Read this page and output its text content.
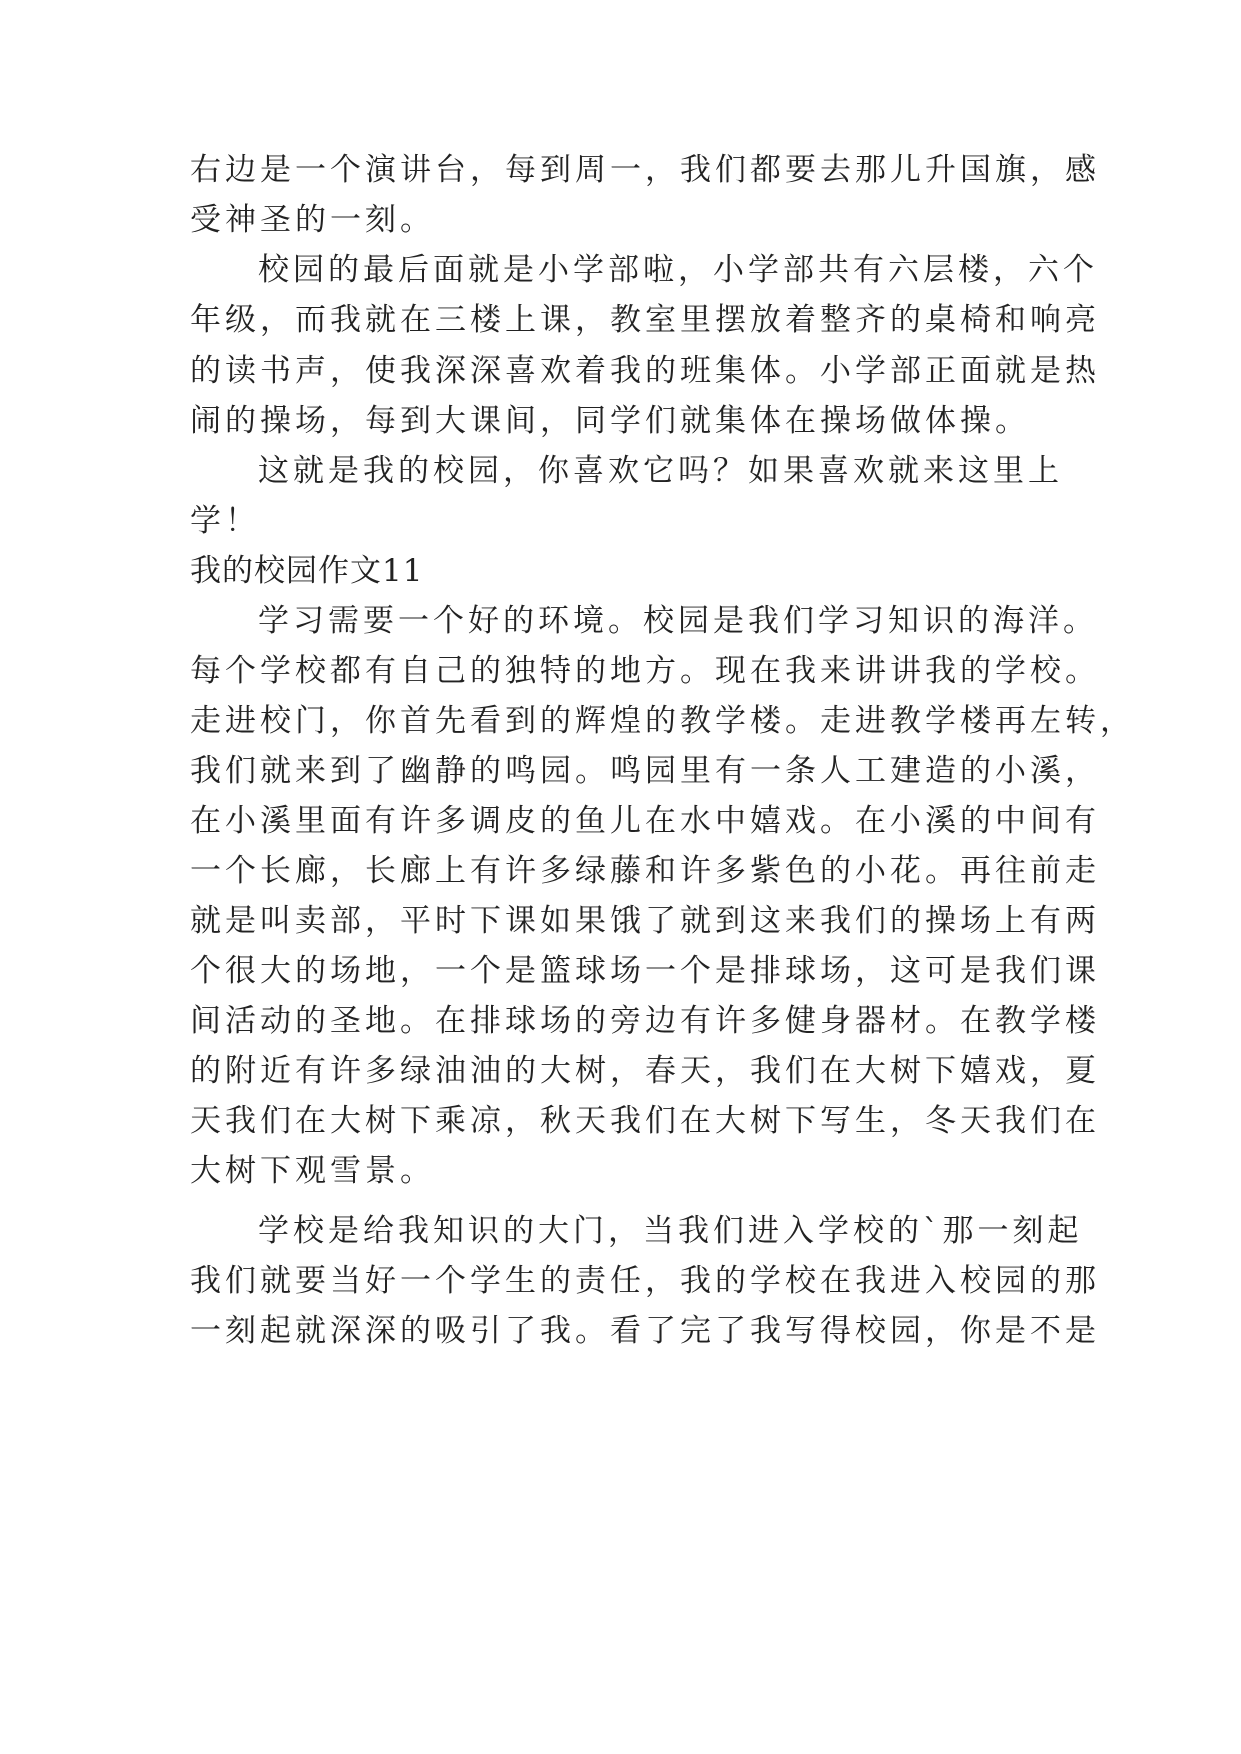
右边是一个演讲台，每到周一，我们都要去那儿升国旗，感

受神圣的一刻。

校园的最后面就是小学部啦，小学部共有六层楼，六个

年级，而我就在三楼上课，教室里摆放着整齐的桌椅和响亮

的读书声，使我深深喜欢着我的班集体。小学部正面就是热

闹的操场，每到大课间，同学们就集体在操场做体操。

这就是我的校园，你喜欢它吗？如果喜欢就来这里上

学！

我的校园作文11

学习需要一个好的环境。校园是我们学习知识的海洋。

每个学校都有自己的独特的地方。现在我来讲讲我的学校。

走进校门，你首先看到的辉煌的教学楼。走进教学楼再左转，

我们就来到了幽静的鸣园。鸣园里有一条人工建造的小溪，

在小溪里面有许多调皮的鱼儿在水中嬉戏。在小溪的中间有

一个长廊，长廊上有许多绿藤和许多紫色的小花。再往前走

就是叫卖部，平时下课如果饿了就到这来我们的操场上有两

个很大的场地，一个是篮球场一个是排球场，这可是我们课

间活动的圣地。在排球场的旁边有许多健身器材。在教学楼

的附近有许多绿油油的大树，春天，我们在大树下嬉戏，夏

天我们在大树下乘凉，秋天我们在大树下写生，冬天我们在

大树下观雪景。

学校是给我知识的大门，当我们进入学校的`那一刻起

我们就要当好一个学生的责任，我的学校在我进入校园的那

一刻起就深深的吸引了我。看了完了我写得校园，你是不是
